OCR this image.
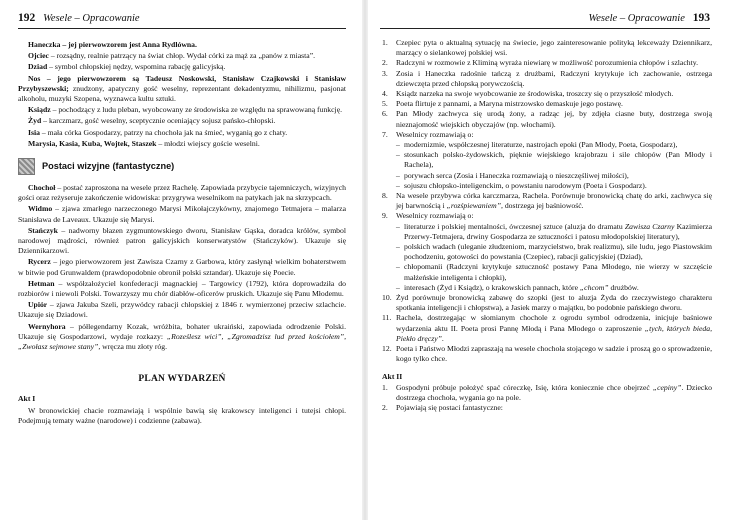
192 Wesele – Opracowanie

Haneczka – jej pierwowzorem jest Anna Rydlówna.

Ojciec – rozsądny, realnie patrzący na świat chłop. Wydał córki za mąż za „panów z miasta”.

Dziad – symbol chłopskiej nędzy, wspomina rabację galicyjską.

Nos – jego pierwowzorem są Tadeusz Noskowski, Stanisław Czajkowski i Stanisław Przybyszewski; znudzony, apatyczny gość weselny, reprezentant dekadentyzmu, nihilizmu, pasjonat alkoholu, muzyki Szopena, wyznawca kultu sztuki.

Ksiądz – pochodzący z ludu pleban, wyobcowany ze środowiska ze względu na sprawowaną funkcję.

Żyd – karczmarz, gość weselny, sceptycznie oceniający sojusz pańsko-chłopski.

Isia – mała córka Gospodarzy, patrzy na chochoła jak na śmieć, wyganią go z chaty.

Marysia, Kasia, Kuba, Wojtek, Staszek – młodzi wiejscy goście weselni.

Postaci wizyjne (fantastyczne)

Chochoł – postać zaproszona na wesele przez Rachelę. Zapowiada przybycie tajemniczych, wizyjnych gości oraz reżyseruje zakończenie widowiska: przygrywa weselnikom na patykach jak na skrzypcach.

Widmo – zjawa zmarłego narzeczonego Marysi Mikołajczykówny, znajomego Tetmajera – malarza Stanisława de Laveaux. Ukazuje się Marysi.

Stańczyk – nadworny błazen zygmuntowskiego dworu, Stanisław Gąska, doradca królów, symbol narodowej mądrości, również patron galicyjskich konserwatystów (Stańczyków). Ukazuje się Dziennikarzowi.

Rycerz – jego pierwowzorem jest Zawisza Czarny z Garbowa, który zasłynął wielkim bohaterstwem w bitwie pod Grunwaldem (prawdopodobnie obronił polski sztandar). Ukazuje się Poecie.

Hetman – współzałożyciel konfederacji magnackiej – Targowicy (1792), która doprowadziła do rozbiorów i niewoli Polski. Towarzyszy mu chór diabłów-oficerów pruskich. Ukazuje się Panu Młodemu.

Upiór – zjawa Jakuba Szeli, przywódcy rabacji chłopskiej z 1846 r. wymierzonej przeciw szlachcie. Ukazuje się Dziadowi.

Wernyhora – półlegendarny Kozak, wróżbita, bohater ukraiński, zapowiada odrodzenie Polski. Ukazuje się Gospodarzowi, wydaje rozkazy: „Roześlesz wici”, „Zgromadzisz lud przed kościołem”, „Zwołasz sejmowe stany”, wręcza mu złoty róg.

PLAN WYDARZEŃ
Akt I

W bronowickiej chacie rozmawiają i wspólnie bawią się krakowscy inteligenci i tutejsi chłopi. Podejmują tematy ważne (narodowe) i codzienne (zabawa).

Wesele – Opracowanie 193
1.	Czepiec pyta o aktualną sytuację na świecie, jego zainteresowanie polityką lekceważy Dziennikarz, marzący o sielankowej polskiej wsi.
2.	Radczyni w rozmowie z Kliminą wyraża niewiarę w możliwość porozumienia chłopów i szlachty.
3.	Zosia i Haneczka radośnie tańczą z drużbami, Radczyni krytykuje ich zachowanie, ostrzega dziewczęta przed chłopską porywczością.
4.	Ksiądz narzeka na swoje wyobcowanie ze środowiska, troszczy się o przyszłość młodych.
5.	Poeta flirtuje z pannami, a Maryna mistrzowsko demaskuje jego postawę.
6.	Pan Młody zachwyca się urodą żony, a radząc jej, by zdjęła ciasne buty, dostrzega swoją nieznajomość wiejskich obyczajów (np. włochami).
7.	Weselnicy rozmawiają o:
– modernizmie, współczesnej literaturze, nastrojach epoki (Pan Młody, Poeta, Gospodarz),
– stosunkach polsko-żydowskich, pięknie wiejskiego krajobrazu i sile chłopów (Pan Młody i Rachela),
– porywach serca (Zosia i Haneczka rozmawiają o nieszczęśliwej miłości),
– sojuszu chłopsko-inteligenckim, o powstaniu narodowym (Poeta i Gospodarz).
8.	Na wesele przybywa córka karczmarza, Rachela. Porównuje bronowicką chatę do arki, zachwyca się jej barwnością i „rozśpiewaniem”, dostrzega jej baśniowość.
9.	Weselnicy rozmawiają o:
– literaturze i polskiej mentalności, ówczesnej sztuce (aluzja do dramatu Zawisza Czarny Kazimierza Przerwy-Tetmajera, drwiny Gospodarza ze sztuczności i patosu młodopolskiej literatury),
– polskich wadach (uleganie złudzeniom, marzycielstwo, brak realizmu), sile ludu, jego Piastowskim pochodzeniu, gotowości do powstania (Czepiec), rabacji galicyjskiej (Dziad),
– chłopomanii (Radczyni krytykuje sztuczność postawy Pana Młodego, nie wierzy w szczęście małżeńskie inteligenta i chłopki),
– interesach (Żyd i Ksiądz), o krakowskich pannach, które „chcom” drużbów.
10. Żyd porównuje bronowicką zabawę do szopki (jest to aluzja Żyda do rzeczywistego charakteru spotkania inteligencji i chłopstwa), a Jasiek marzy o majątku, bo podobnie pańskiego dworu.
11. Rachela, dostrzegając w słomianym chochole z ogrodu symbol odrodzenia, inicjuje baśniowe wydarzenia aktu II. Poeta prosi Pannę Młodą i Pana Młodego o zaproszenie „tych, których bieda, Piekło dręczy”.
12. Poeta i Państwo Młodzi zapraszają na wesele chochoła stojącego w sadzie i proszą go o sprowadzenie, kogo tylko chce.
Akt II
1.	Gospodyni próbuje położyć spać córeczkę, Isię, która koniecznie chce obejrzeć „cepiny”. Dziecko dostrzega chochoła, wygania go na pole.
2.	Pojawiają się postaci fantastyczne:
